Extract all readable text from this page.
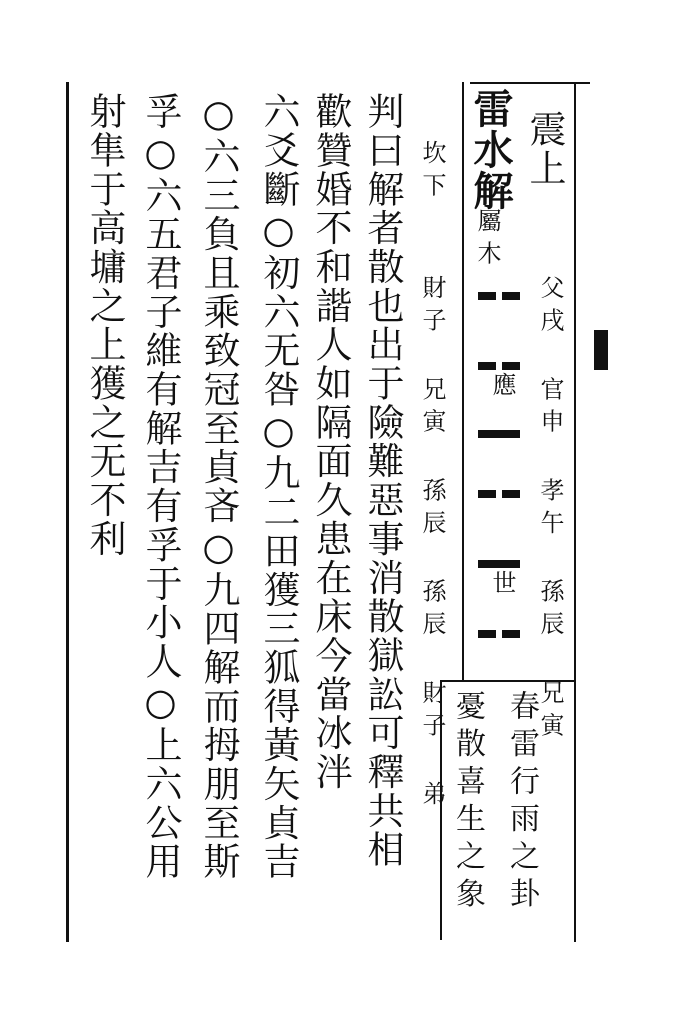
震上
雷水解
屬木
坎下
父戌 官申 孝午 孫辰 兄寅
財子 兄寅 孫辰 孫辰 財子 弟 應
世
春雷行雨之卦
憂散喜生之象
判曰解者散也出于險難惡事消散獄訟可釋共相
歡贊婚不和諧人如隔面久患在床今當冰泮
六爻斷○初六无咎○九二田獲三狐得黃矢貞吉
○六三負且乘致冠至貞吝○九四解而拇朋至斯
孚○六五君子維有解吉有孚于小人○上六公用
射隼于高墉之上獲之无不利
